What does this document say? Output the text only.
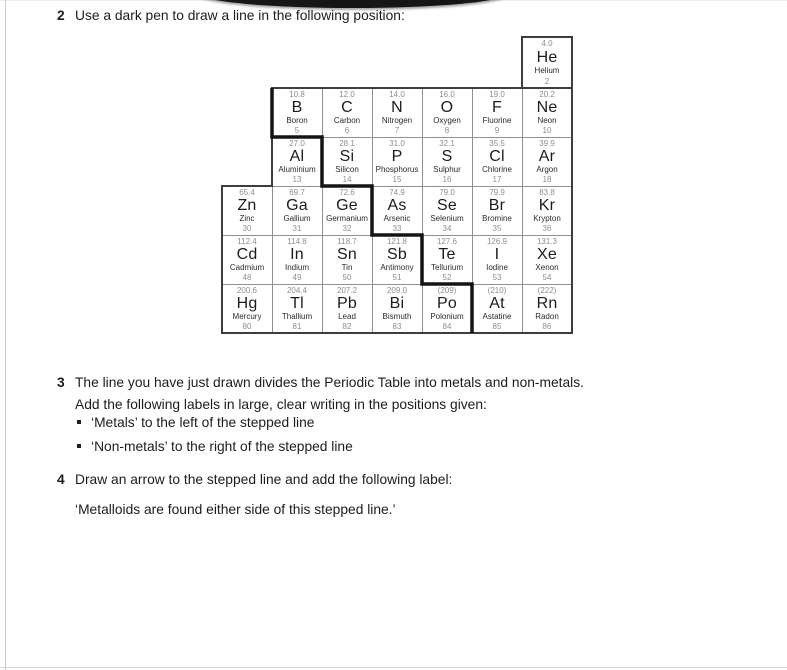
2 Use a dark pen to draw a line in the following position:
4.0
He
Helium
2
10.8
B
Boron
5
12.0
C
Carbon
6
14.0
N
Nitrogen
7
16.0
O
Oxygen
8
19.0
F
Fluorine
9
20.2
Ne
Neon
10
27.0
Al
Aluminium
13
28.1
Si
Silicon
14
31.0
P
Phosphorus
15
32.1
S
Sulphur
16
35.5
Cl
Chlorine
17
39.9
Ar
Argon
18
65.4
Zn
Zinc
30
69.7
Ga
Gallium
31
72.6
Ge
Germanium
32
74.9
As
Arsenic
33
79.0
Se
Selenium
34
79.9
Br
Bromine
35
83.8
Kr
Krypton
36
112.4
Cd
Cadmium
48
114.8
In
Indium
49
118.7
Sn
Tin
50
121.8
Sb
Antimony
51
127.6
Te
Tellurium
52
126.9
I
Iodine
53
131.3
Xe
Xenon
54
200.6
Hg
Mercury
80
204.4
Tl
Thallium
81
207.2
Pb
Lead
82
209.0
Bi
Bismuth
83
(209)
Po
Polonium
84
(210)
At
Astatine
85
(222)
Rn
Radon
86
3 The line you have just drawn divides the Periodic Table into metals and non-metals.
Add the following labels in large, clear writing in the positions given:
‘Metals’ to the left of the stepped line
‘Non-metals’ to the right of the stepped line
4 Draw an arrow to the stepped line and add the following label:
‘Metalloids are found either side of this stepped line.’
